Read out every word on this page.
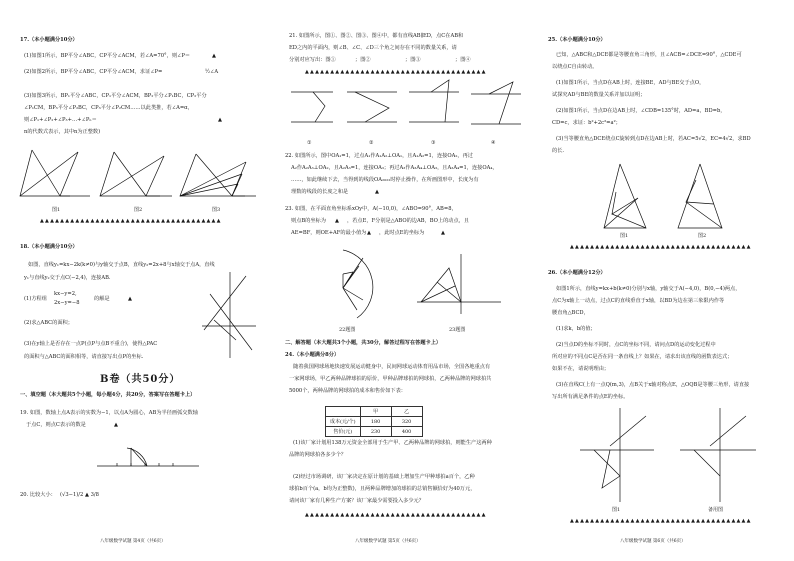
17.（本小题满分10分）
(1)如图1所示，BP平分∠ABC，CP平分∠ACM，若∠A=70°，则∠P＝	▲
(2)如图2所示，BP平分∠ABC，CP平分∠ACM，求证∠P=	½∠A
(3)如图3所示，BP₁平分∠ABC，CP₁平分∠ACM，BP₂平分∠P₁BC，CP₂平分
∠P₁CM，BP₃平分∠P₂BC，CP₃平分∠P₂CM……以此类推，若∠A=α，
则∠P₁+∠P₂+∠P₃+…+∠Pₙ＝	▲
n的代数式表示，其中n为正整数)
图1	图2	图3
▲▲▲▲▲▲▲▲▲▲▲▲▲▲▲▲▲▲▲▲▲▲▲▲▲▲▲▲▲▲▲▲▲▲▲▲
18.（本小题满分10分）
如图，直线y₁=kx−2k(k≠0)与y轴交于点B，直线y₂=2x+8与x轴交于点A，直线
y₁与直线y₂交于点C(−2,4)，连接AB.
(1)方程组
kx−y=2,
2x−y=−8
的解是	▲
(2)求△ABC的面积；
(3)在y轴上是否存在一点P(点P与点B不重合)，使得△PAC
的面积与△ABC的面积相等，请直接写出点P的坐标.
B卷（共50分）
一、填空题（本大题共5个小题，每小题4分，共20分，答案写在答题卡上）
19. 如图，数轴上点A表示的实数为−1，以点A为圆心，AB为半径画弧交数轴
于点C，则点C表示的数是	▲
20. 比较大小： (√3−1)/2 ▲ 3/8
八年级数学试题 第4页（共6页）
21. 如图所示，图①、图②、图③、图④中，都有直线AB∥ED，点C在AB和
ED之内的平面内，则∠B、∠C、∠D三个角之间存在不同的数量关系，请
分别对应写出：图①	；图②	；图③	；图④
▲▲▲▲▲▲▲▲▲▲▲▲▲▲▲▲▲▲▲▲▲▲▲▲▲▲▲▲▲▲▲▲▲▲▲▲
①	②	③	④
22. 如图所示，图中OA₁=1，过点A₁作A₁A₂⊥OA₁，且A₁A₂=1，连接OA₂，再过
A₂作A₂A₃⊥OA₂，且A₂A₃=1，连接OA₃；再过A₃作A₃A₄⊥OA₃，且A₃A₄=1，连接OA₄，
……，如此继续下去，当得到的线段OA₂₀₂₂时停止操作，在所画图形中，长度为有
理数的线段的长度之和是	▲
23. 如图，在平面直角坐标系xOy中，A(−10,0)，∠ABO=90°，AB=8，
则点B的坐标为 ▲ ，若点E，F分别是△ABO的边AB，BO上的动点，且
AE=BF，则OE+AF的最小值为 ▲ ，此时点E的坐标为	▲
22题图	23题图
二、解答题（本大题共3个小题，共30分，解答过程写在答题卡上）
24.（本小题满分8分）
随着我国网球场地快速发展运动健身中，民间网球运动体育用品市场，全国各地重点有
一家网球场，甲乙两种品牌球拍的原价，甲种品牌球拍的网球拍，乙两种品牌的网球拍共
5000个，两种品牌的网球拍的成本和售价如下表：
	甲	乙
成本(元/个)	180	320
售价(元)	230	400
(1)该厂家计划用138万元资金全部用于生产甲、乙两种品牌的网球拍，则能生产这两种
品牌的网球拍各多少个？
(2)经过市场调研，该厂家决定在原计划的基础上增加生产甲种球拍a百个，乙种
球拍b百个(a，b均为正整数)，且两种品牌增加的球拍的总销售额恰好为40万元，
请问该厂家有几种生产方案？该厂家最少需要投入多少元？
▲▲▲▲▲▲▲▲▲▲▲▲▲▲▲▲▲▲▲▲▲▲▲▲▲▲▲▲▲▲▲▲▲▲▲▲
八年级数学试题 第5页（共6页）
25.（本小题满分10分）
已知，△ABC和△DCE都是等腰直角三角形，且∠ACB=∠DCE=90°，△CDE可
以绕点C自由转动。
(1)如图1所示，当点D在AB上时，连接BE，AD与BE交于点O，
试探究AD与BE的数量关系并加以证明；
(2)如图1所示，当点D在边AB上时，∠CDB=135°时，AD=a，BD=b，
CD=c，求证：b²+2c²=a²；
(3)当等腰直角△DCE绕点C旋转到点D在边AB上时，若AC=5√2，EC=4√2，求BD
的长.
图1	图2
▲▲▲▲▲▲▲▲▲▲▲▲▲▲▲▲▲▲▲▲▲▲▲▲▲▲▲▲▲▲▲▲▲▲▲▲
26.（本小题满分12分）
如图1所示，直线y=kx+b(k≠0)分别与x轴，y轴交于A(−4,0)，B(0,−4)两点，
点C为x轴上一动点，过点C的直线垂直于x轴，以BD为边在第三象限内作等
腰直角△BCD，
(1)求k，b的值；
(2)当点D的坐标不同时，点C的坐标不同，请问点D的运动变化过程中
所对应的不同点C是否在同一条直线上？如果在，请求出该直线的函数表达式；
如果不在，请说明理由；
(3)在直线C(上有一点Q(m,3)，点B关于x轴对称点E，△OQB是等腰三角形，请直接
写出所有满足条件的点E的坐标。
图1	备用图
▲▲▲▲▲▲▲▲▲▲▲▲▲▲▲▲▲▲▲▲▲▲▲▲▲▲▲▲▲▲▲▲▲▲▲▲
八年级数学试题 第6页（共6页）
